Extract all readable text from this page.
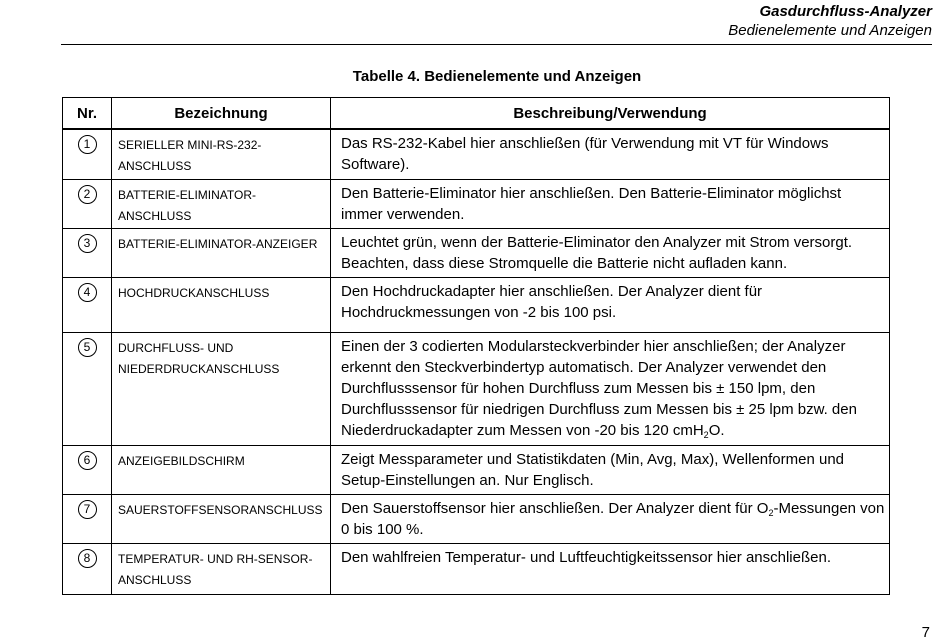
Gasdurchfluss-Analyzer
Bedienelemente und Anzeigen
Tabelle 4. Bedienelemente und Anzeigen
Nr.	Bezeichnung	Beschreibung/Verwendung
1	SERIELLER MINI-RS-232-ANSCHLUSS	Das RS-232-Kabel hier anschließen (für Verwendung mit VT für Windows Software).
2	BATTERIE-ELIMINATOR-ANSCHLUSS	Den Batterie-Eliminator hier anschließen. Den Batterie-Eliminator möglichst immer verwenden.
3	BATTERIE-ELIMINATOR-ANZEIGER	Leuchtet grün, wenn der Batterie-Eliminator den Analyzer mit Strom versorgt. Beachten, dass diese Stromquelle die Batterie nicht aufladen kann.
4	HOCHDRUCKANSCHLUSS	Den Hochdruckadapter hier anschließen. Der Analyzer dient für Hochdruckmessungen von -2 bis 100 psi.
5	DURCHFLUSS- UND NIEDERDRUCKANSCHLUSS	Einen der 3 codierten Modularsteckverbinder hier anschließen; der Analyzer erkennt den Steckverbindertyp automatisch. Der Analyzer verwendet den Durchflusssensor für hohen Durchfluss zum Messen bis ± 150 lpm, den Durchflusssensor für niedrigen Durchfluss zum Messen bis ± 25 lpm bzw. den Niederdruckadapter zum Messen von -20 bis 120 cmH$_2$O.
6	ANZEIGEBILDSCHIRM	Zeigt Messparameter und Statistikdaten (Min, Avg, Max), Wellenformen und Setup-Einstellungen an. Nur Englisch.
7	SAUERSTOFFSENSORANSCHLUSS	Den Sauerstoffsensor hier anschließen. Der Analyzer dient für $O_2$-Messungen von 0 bis 100 %.
8	TEMPERATUR- UND RH-SENSOR-ANSCHLUSS	Den wahlfreien Temperatur- und Luftfeuchtigkeitssensor hier anschließen.
7
